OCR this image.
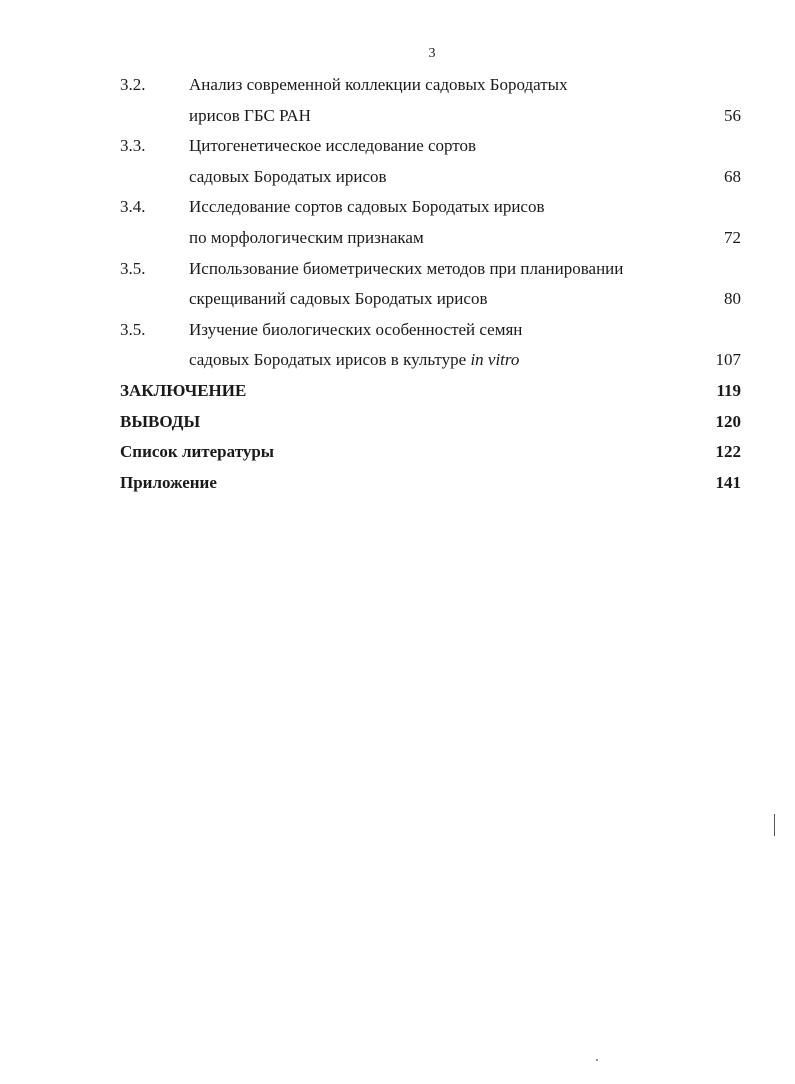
3
3.2.	Анализ современной коллекции садовых Бородатых
ирисов ГБС РАН	56
3.3.	Цитогенетическое исследование сортов
садовых Бородатых ирисов	68
3.4.	Исследование сортов садовых Бородатых ирисов
по морфологическим признакам	72
3.5.	Использование биометрических методов при планировании
скрещиваний садовых Бородатых ирисов	80
3.5.	Изучение биологических особенностей семян
садовых Бородатых ирисов в культуре in vitro	107
ЗАКЛЮЧЕНИЕ	119
ВЫВОДЫ	120
Список литературы	122
Приложение	141
